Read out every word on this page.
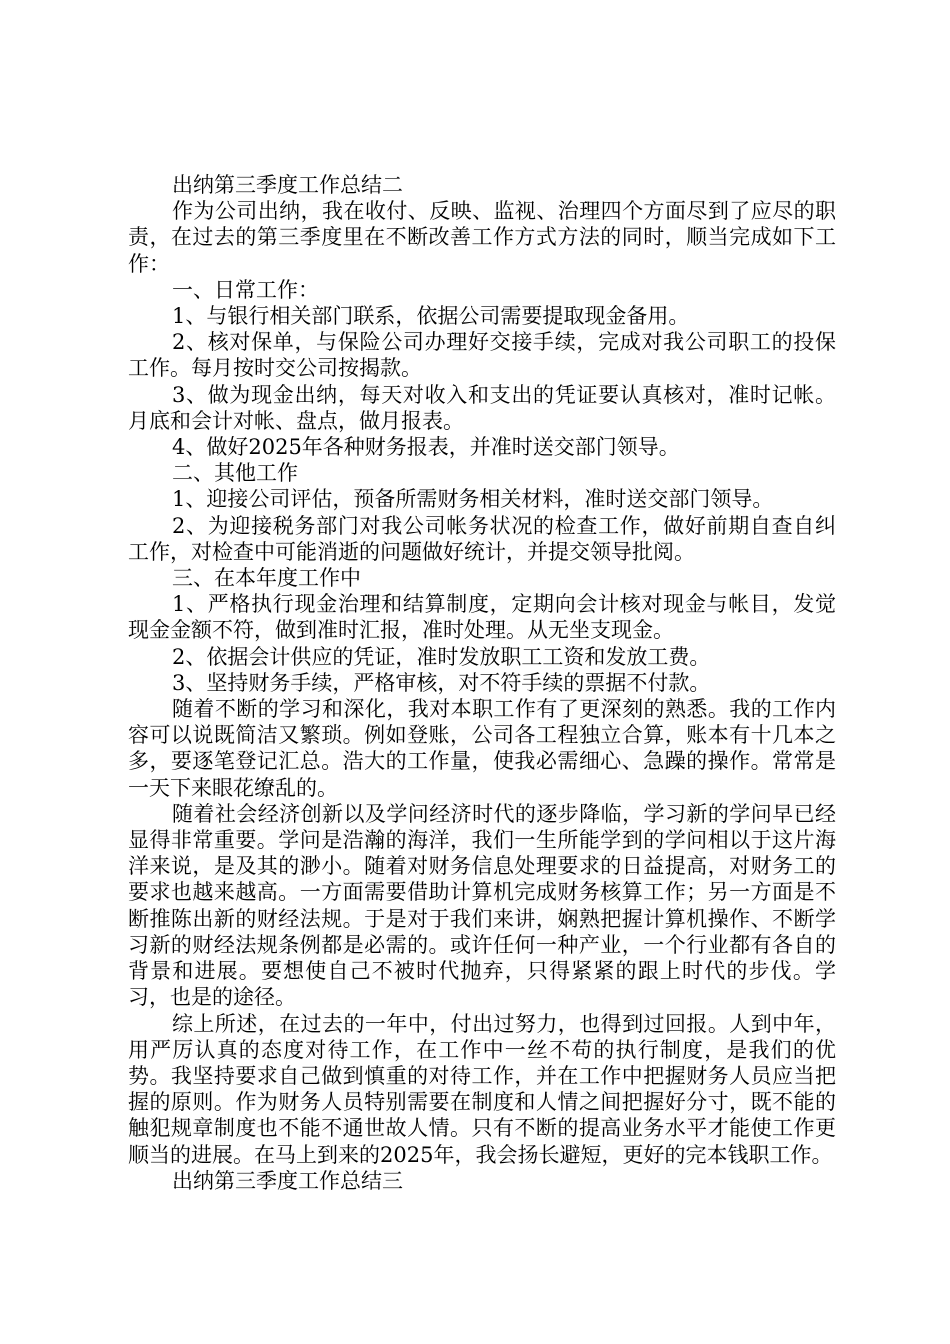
出纳第三季度工作总结二

作为公司出纳，我在收付、反映、监视、治理四个方面尽到了应尽的职责，在过去的第三季度里在不断改善工作方式方法的同时，顺当完成如下工作：

一、日常工作：

1、与银行相关部门联系，依据公司需要提取现金备用。

2、核对保单，与保险公司办理好交接手续，完成对我公司职工的投保工作。每月按时交公司按揭款。

3、做为现金出纳，每天对收入和支出的凭证要认真核对，准时记帐。月底和会计对帐、盘点，做月报表。

4、做好2025年各种财务报表，并准时送交部门领导。

二、其他工作

1、迎接公司评估，预备所需财务相关材料，准时送交部门领导。

2、为迎接税务部门对我公司帐务状况的检查工作，做好前期自查自纠工作，对检查中可能消逝的问题做好统计，并提交领导批阅。

三、在本年度工作中

1、严格执行现金治理和结算制度，定期向会计核对现金与帐目，发觉现金金额不符，做到准时汇报，准时处理。从无坐支现金。

2、依据会计供应的凭证，准时发放职工工资和发放工费。

3、坚持财务手续，严格审核，对不符手续的票据不付款。

随着不断的学习和深化，我对本职工作有了更深刻的熟悉。我的工作内容可以说既简洁又繁琐。例如登账，公司各工程独立合算，账本有十几本之多，要逐笔登记汇总。浩大的工作量，使我必需细心、急躁的操作。常常是一天下来眼花缭乱的。

随着社会经济创新以及学问经济时代的逐步降临，学习新的学问早已经显得非常重要。学问是浩瀚的海洋，我们一生所能学到的学问相以于这片海洋来说，是及其的渺小。随着对财务信息处理要求的日益提高，对财务工的要求也越来越高。一方面需要借助计算机完成财务核算工作；另一方面是不断推陈出新的财经法规。于是对于我们来讲，娴熟把握计算机操作、不断学习新的财经法规条例都是必需的。或许任何一种产业，一个行业都有各自的背景和进展。要想使自己不被时代抛弃，只得紧紧的跟上时代的步伐。学习，也是的途径。

综上所述，在过去的一年中，付出过努力，也得到过回报。人到中年，用严厉认真的态度对待工作，在工作中一丝不苟的执行制度，是我们的优势。我坚持要求自己做到慎重的对待工作，并在工作中把握财务人员应当把握的原则。作为财务人员特别需要在制度和人情之间把握好分寸，既不能的触犯规章制度也不能不通世故人情。只有不断的提高业务水平才能使工作更顺当的进展。在马上到来的2025年，我会扬长避短，更好的完本钱职工作。

出纳第三季度工作总结三
